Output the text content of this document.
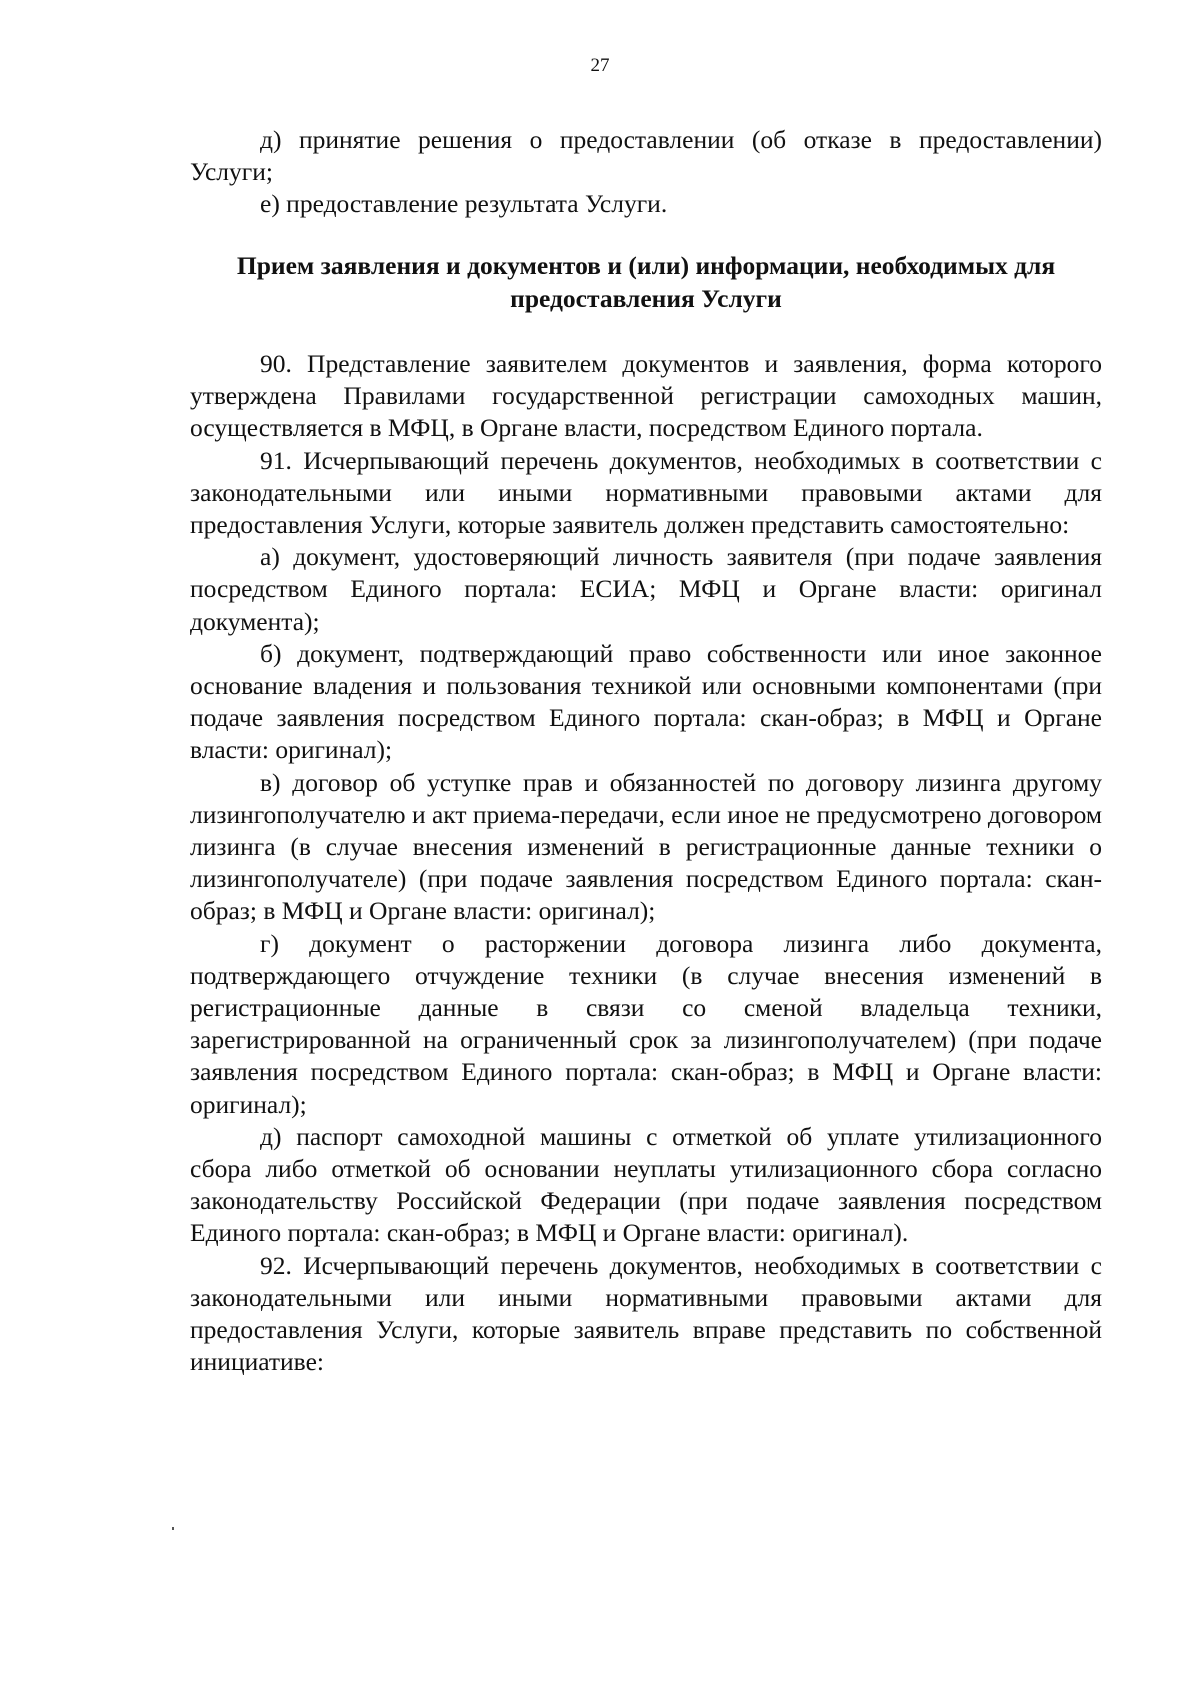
27

д) принятие решения о предоставлении (об отказе в предоставлении) Услуги;

е) предоставление результата Услуги.

Прием заявления и документов и (или) информации, необходимых для предоставления Услуги

90. Представление заявителем документов и заявления, форма которого утверждена Правилами государственной регистрации самоходных машин, осуществляется в МФЦ, в Органе власти, посредством Единого портала.

91. Исчерпывающий перечень документов, необходимых в соответствии с законодательными или иными нормативными правовыми актами для предоставления Услуги, которые заявитель должен представить самостоятельно:

а) документ, удостоверяющий личность заявителя (при подаче заявления посредством Единого портала: ЕСИА; МФЦ и Органе власти: оригинал документа);

б) документ, подтверждающий право собственности или иное законное основание владения и пользования техникой или основными компонентами (при подаче заявления посредством Единого портала: скан-образ; в МФЦ и Органе власти: оригинал);

в) договор об уступке прав и обязанностей по договору лизинга другому лизингополучателю и акт приема-передачи, если иное не предусмотрено договором лизинга (в случае внесения изменений в регистрационные данные техники о лизингополучателе) (при подаче заявления посредством Единого портала: скан-образ; в МФЦ и Органе власти: оригинал);

г) документ о расторжении договора лизинга либо документа, подтверждающего отчуждение техники (в случае внесения изменений в регистрационные данные в связи со сменой владельца техники, зарегистрированной на ограниченный срок за лизингополучателем) (при подаче заявления посредством Единого портала: скан-образ; в МФЦ и Органе власти: оригинал);

д) паспорт самоходной машины с отметкой об уплате утилизационного сбора либо отметкой об основании неуплаты утилизационного сбора согласно законодательству Российской Федерации (при подаче заявления посредством Единого портала: скан-образ; в МФЦ и Органе власти: оригинал).

92. Исчерпывающий перечень документов, необходимых в соответствии с законодательными или иными нормативными правовыми актами для предоставления Услуги, которые заявитель вправе представить по собственной инициативе:
